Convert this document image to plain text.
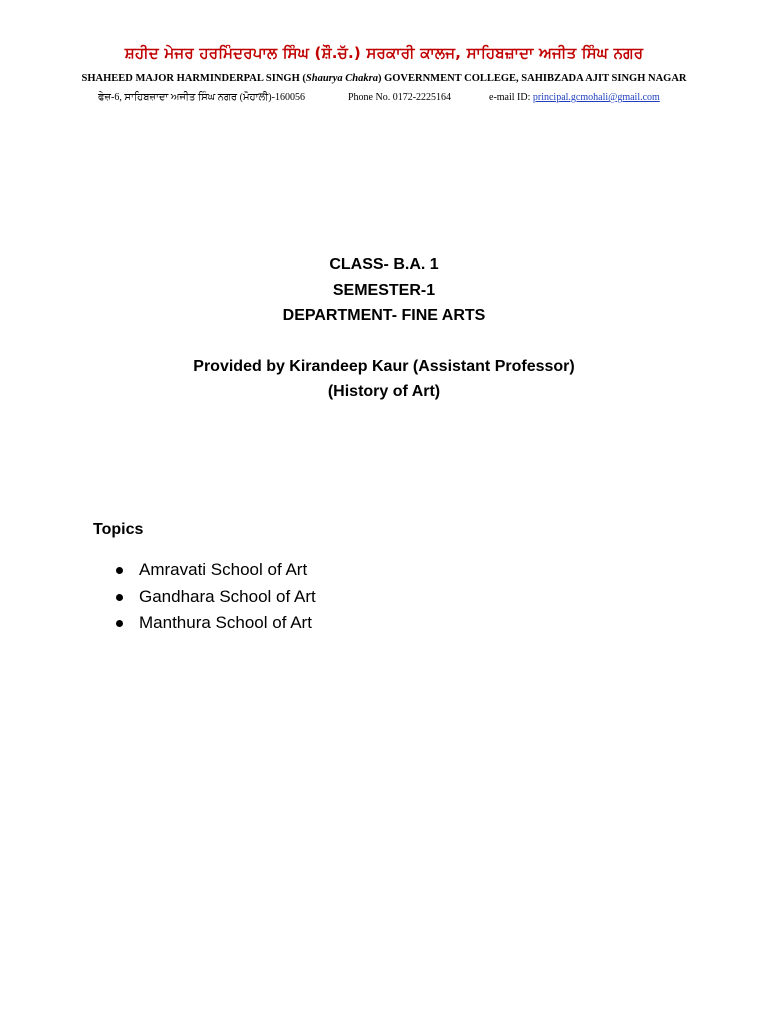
ਸ਼ਹੀਦ ਮੇਜਰ ਹਰਮਿੰਦਰਪਾਲ ਸਿੰਘ (ਸ਼ੌ.ਚੱ.) ਸਰਕਾਰੀ ਕਾਲਜ, ਸਾਹਿਬਜ਼ਾਦਾ ਅਜੀਤ ਸਿੰਘ ਨਗਰ
SHAHEED MAJOR HARMINDERPAL SINGH (Shaurya Chakra) GOVERNMENT COLLEGE, SAHIBZADA AJIT SINGH NAGAR
ਫੇਜ਼-6, ਸਾਹਿਬਜ਼ਾਦਾ ਅਜੀਤ ਸਿੰਘ ਨਗਰ (ਮੋਹਾਲੀ)-160056	Phone No. 0172-2225164	e-mail ID: principal.gcmohali@gmail.com
CLASS- B.A. 1
SEMESTER-1
DEPARTMENT- FINE ARTS
Provided by Kirandeep Kaur (Assistant Professor)
(History of Art)
Topics
Amravati School of Art
Gandhara School of Art
Manthura School of Art
